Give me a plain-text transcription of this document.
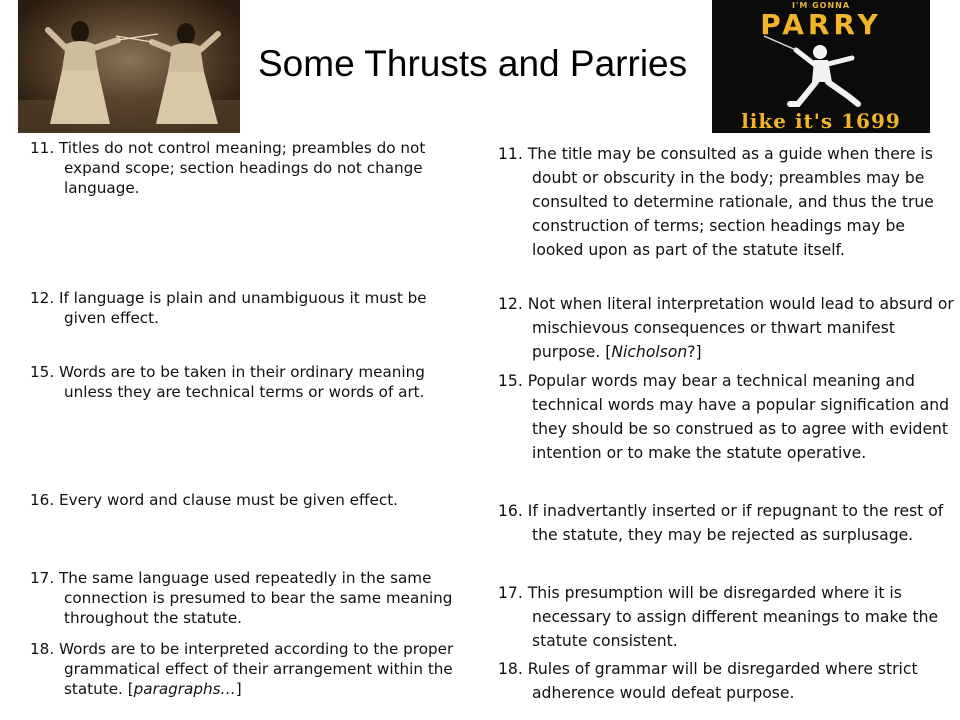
I'M GONNA
PARRY
like it's 1699
Some Thrusts and Parries

11. Titles do not control meaning; preambles do not expand scope; section headings do not change language.

12. If language is plain and unambiguous it must be given effect.

15. Words are to be taken in their ordinary meaning unless they are technical terms or words of art.

16. Every word and clause must be given effect.

17. The same language used repeatedly in the same connection is presumed to bear the same meaning throughout the statute.

18. Words are to be interpreted according to the proper grammatical effect of their arrangement within the statute. [paragraphs…]

11. The title may be consulted as a guide when there is doubt or obscurity in the body; preambles may be consulted to determine rationale, and thus the true construction of terms; section headings may be looked upon as part of the statute itself.

12. Not when literal interpretation would lead to absurd or mischievous consequences or thwart manifest purpose. [Nicholson?]

15. Popular words may bear a technical meaning and technical words may have a popular signification and they should be so construed as to agree with evident intention or to make the statute operative.

16. If inadvertantly inserted or if repugnant to the rest of the statute, they may be rejected as surplusage.

17. This presumption will be disregarded where it is necessary to assign different meanings to make the statute consistent.

18. Rules of grammar will be disregarded where strict adherence would defeat purpose.
